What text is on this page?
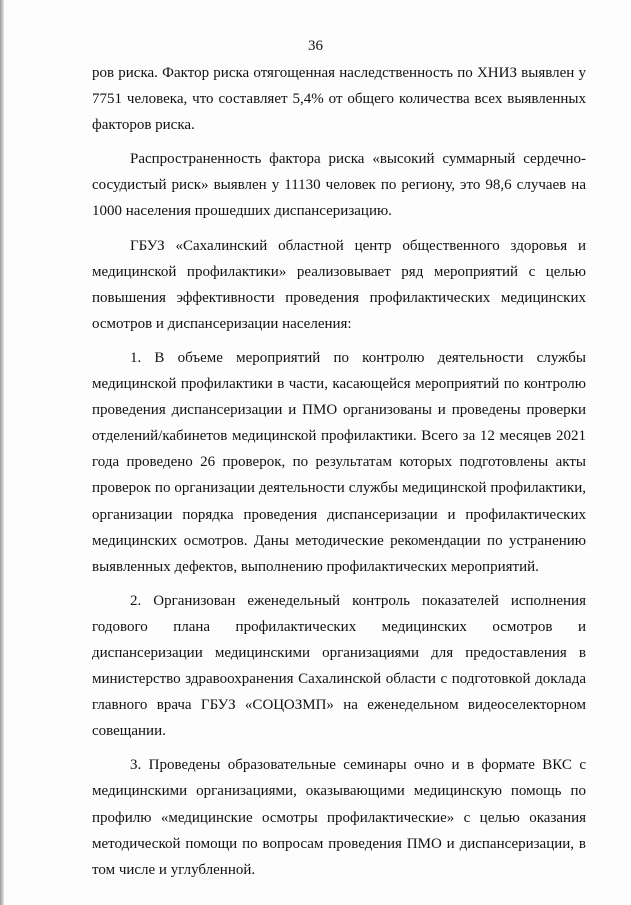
36

ров риска. Фактор риска отягощенная наследственность по ХНИЗ выявлен у 7751 человека, что составляет 5,4% от общего количества всех выявленных факторов риска.

Распространенность фактора риска «высокий суммарный сердечно-сосудистый риск» выявлен у 11130 человек по региону, это 98,6 случаев на 1000 населения прошедших диспансеризацию.

ГБУЗ «Сахалинский областной центр общественного здоровья и медицинской профилактики» реализовывает ряд мероприятий с целью повышения эффективности проведения профилактических медицинских осмотров и диспансеризации населения:

1. В объеме мероприятий по контролю деятельности службы медицинской профилактики в части, касающейся мероприятий по контролю проведения диспансеризации и ПМО организованы и проведены проверки отделений/кабинетов медицинской профилактики. Всего за 12 месяцев 2021 года проведено 26 проверок, по результатам которых подготовлены акты проверок по организации деятельности службы медицинской профилактики, организации порядка проведения диспансеризации и профилактических медицинских осмотров. Даны методические рекомендации по устранению выявленных дефектов, выполнению профилактических мероприятий.

2. Организован еженедельный контроль показателей исполнения годового плана профилактических медицинских осмотров и диспансеризации медицинскими организациями для предоставления в министерство здравоохранения Сахалинской области с подготовкой доклада главного врача ГБУЗ «СОЦОЗМП» на еженедельном видеоселекторном совещании.

3. Проведены образовательные семинары очно и в формате ВКС с медицинскими организациями, оказывающими медицинскую помощь по профилю «медицинские осмотры профилактические» с целью оказания методической помощи по вопросам проведения ПМО и диспансеризации, в том числе и углубленной.
